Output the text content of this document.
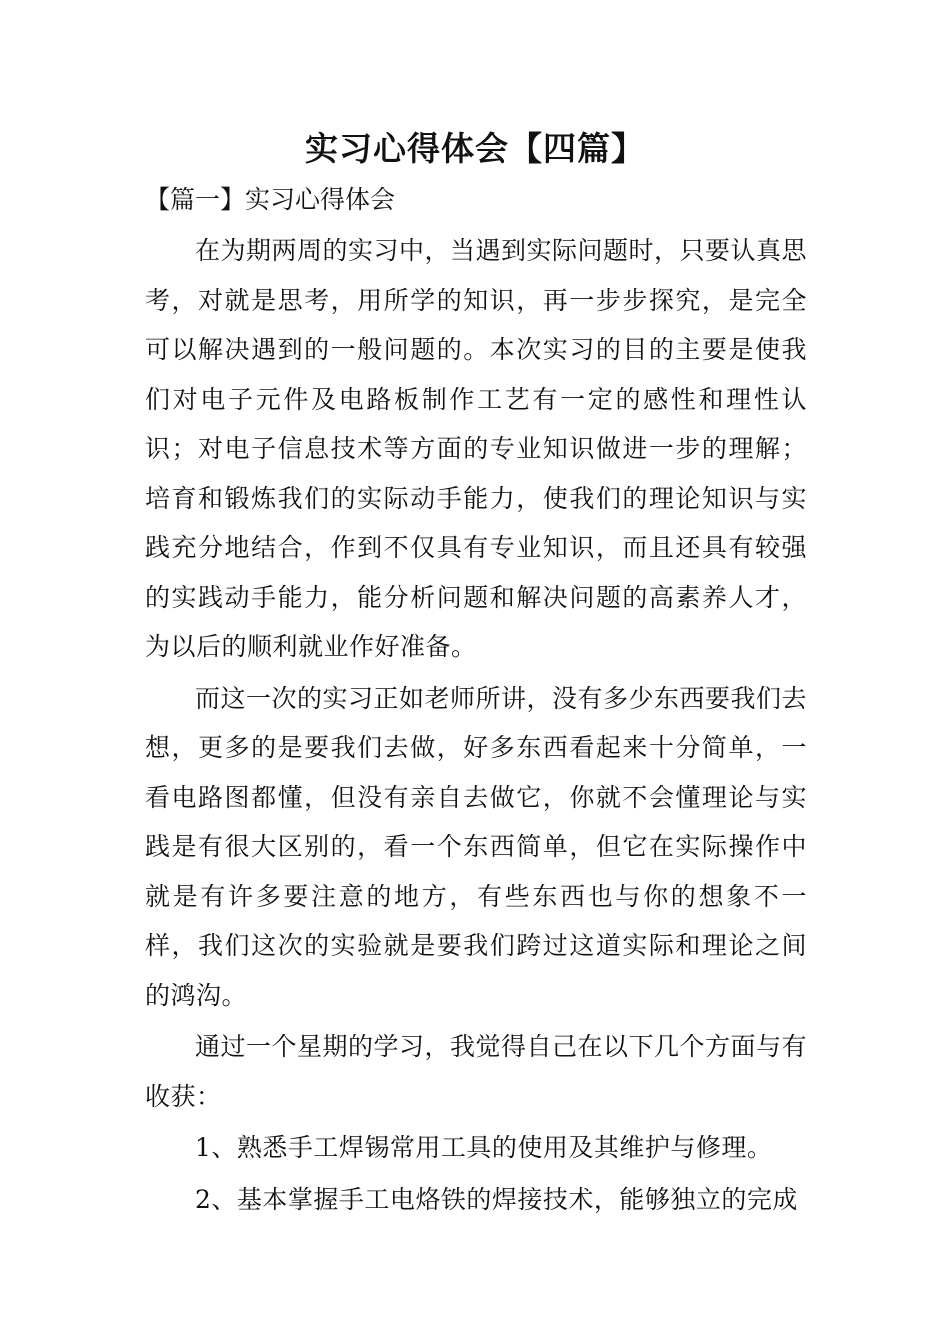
实习心得体会【四篇】
【篇一】实习心得体会

在为期两周的实习中，当遇到实际问题时，只要认真思考，对就是思考，用所学的知识，再一步步探究，是完全可以解决遇到的一般问题的。本次实习的目的主要是使我们对电子元件及电路板制作工艺有一定的感性和理性认识；对电子信息技术等方面的专业知识做进一步的理解；培育和锻炼我们的实际动手能力，使我们的理论知识与实践充分地结合，作到不仅具有专业知识，而且还具有较强的实践动手能力，能分析问题和解决问题的高素养人才，为以后的顺利就业作好准备。

而这一次的实习正如老师所讲，没有多少东西要我们去想，更多的是要我们去做，好多东西看起来十分简单，一看电路图都懂，但没有亲自去做它，你就不会懂理论与实践是有很大区别的，看一个东西简单，但它在实际操作中就是有许多要注意的地方，有些东西也与你的想象不一样，我们这次的实验就是要我们跨过这道实际和理论之间的鸿沟。

通过一个星期的学习，我觉得自己在以下几个方面与有收获：

1、熟悉手工焊锡常用工具的使用及其维护与修理。

2、基本掌握手工电烙铁的焊接技术，能够独立的完成
